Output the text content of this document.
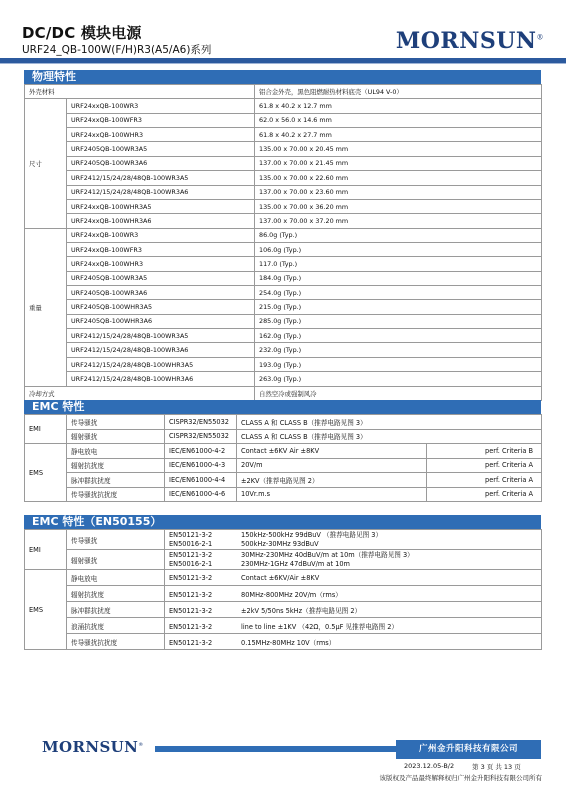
DC/DC 模块电源
URF24_QB-100W(F/H)R3(A5/A6)系列	MORNSUN®
物理特性
外壳材料		铝合金外壳，黑色阻燃耐热材料底壳（UL94 V-0）
尺寸	URF24xxQB-100WR3	61.8 x 40.2 x 12.7 mm
	URF24xxQB-100WFR3	62.0 x 56.0 x 14.6 mm
	URF24xxQB-100WHR3	61.8 x 40.2 x 27.7 mm
	URF2405QB-100WR3A5	135.00 x 70.00 x 20.45 mm
	URF2405QB-100WR3A6	137.00 x 70.00 x 21.45 mm
	URF2412/15/24/28/48QB-100WR3A5	135.00 x 70.00 x 22.60 mm
	URF2412/15/24/28/48QB-100WR3A6	137.00 x 70.00 x 23.60 mm
	URF24xxQB-100WHR3A5	135.00 x 70.00 x 36.20 mm
	URF24xxQB-100WHR3A6	137.00 x 70.00 x 37.20 mm
重量	URF24xxQB-100WR3	86.0g (Typ.)
	URF24xxQB-100WFR3	106.0g (Typ.)
	URF24xxQB-100WHR3	117.0 (Typ.)
	URF2405QB-100WR3A5	184.0g (Typ.)
	URF2405QB-100WR3A6	254.0g (Typ.)
	URF2405QB-100WHR3A5	215.0g (Typ.)
	URF2405QB-100WHR3A6	285.0g (Typ.)
	URF2412/15/24/28/48QB-100WR3A5	162.0g (Typ.)
	URF2412/15/24/28/48QB-100WR3A6	232.0g (Typ.)
	URF2412/15/24/28/48QB-100WHR3A5	193.0g (Typ.)
	URF2412/15/24/28/48QB-100WHR3A6	263.0g (Typ.)
冷却方式		自然空冷或强制风冷
EMC 特性
EMI	传导骚扰	CISPR32/EN55032	CLASS A 和 CLASS B（推荐电路见图 3）	
	辐射骚扰	CISPR32/EN55032	CLASS A 和 CLASS B（推荐电路见图 3）	
EMS	静电放电	IEC/EN61000-4-2	Contact ±6KV Air ±8KV	perf. Criteria B
	辐射抗扰度	IEC/EN61000-4-3	20V/m	perf. Criteria A
	脉冲群抗扰度	IEC/EN61000-4-4	±2KV（推荐电路见图 2）	perf. Criteria A
	传导骚扰抗扰度	IEC/EN61000-4-6	10Vr.m.s	perf. Criteria A
EMC 特性（EN50155）
EMI	传导骚扰	EN50121-3-2 150kHz-500kHz 99dBuV （推荐电路见图 3）
EN50016-2-1 500kHz-30MHz 93dBuV

	辐射骚扰	EN50121-3-2 30MHz-230MHz 40dBuV/m at 10m（推荐电路见图 3）
EN50016-2-1 230MHz-1GHz 47dBuV/m at 10m

EMS	静电放电	EN50121-3-2 Contact ±6KV/Air ±8KV
	辐射抗扰度	EN50121-3-2 80MHz-800MHz 20V/m（rms）
	脉冲群抗扰度	EN50121-3-2 ±2kV 5/50ns 5kHz（推荐电路见图 2）
	浪涌抗扰度	EN50121-3-2 line to line ±1KV （42Ω，0.5μF 见推荐电路图 2）
	传导骚扰抗扰度	EN50121-3-2 0.15MHz-80MHz 10V（rms）
MORNSUN®	广州金升阳科技有限公司
2023.12.05-B/2	第 3 页 共 13 页
该版权及产品最终解释权归广州金升阳科技有限公司所有
